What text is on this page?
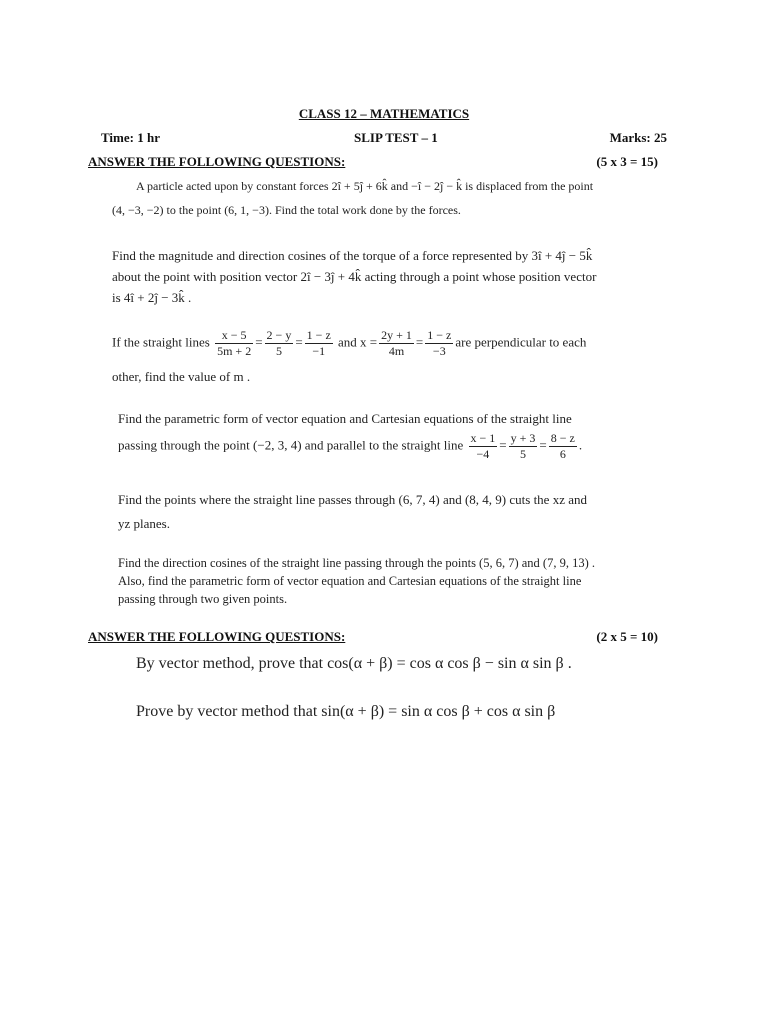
CLASS 12 – MATHEMATICS
Time: 1 hr	SLIP TEST – 1	Marks: 25
ANSWER THE FOLLOWING QUESTIONS:	(5 x 3 = 15)
A particle acted upon by constant forces 2î + 5ĵ + 6k̂ and −î − 2ĵ − k̂ is displaced from the point
(4, −3, −2) to the point (6, 1, −3). Find the total work done by the forces.
Find the magnitude and direction cosines of the torque of a force represented by 3î + 4ĵ − 5k̂
about the point with position vector 2î − 3ĵ + 4k̂ acting through a point whose position vector
is 4î + 2ĵ − 3k̂ .
If the straight lines $\frac{x - 5}{5m + 2} = \frac{2 - y}{5} = \frac{1 - z}{-1}$ and $x = \frac{2y + 1}{4m} = \frac{1 - z}{-3}$ are perpendicular to each
other, find the value of m .
Find the parametric form of vector equation and Cartesian equations of the straight line
passing through the point (−2, 3, 4) and parallel to the straight line $\frac{x - 1}{-4} = \frac{y + 3}{5} = \frac{8 - z}{6}$ .
Find the points where the straight line passes through (6, 7, 4) and (8, 4, 9) cuts the xz and
yz planes.
Find the direction cosines of the straight line passing through the points (5, 6, 7) and (7, 9, 13) .
Also, find the parametric form of vector equation and Cartesian equations of the straight line
passing through two given points.
ANSWER THE FOLLOWING QUESTIONS:	(2 x 5 = 10)
By vector method, prove that cos(α + β) = cos α cos β − sin α sin β .
Prove by vector method that sin(α + β) = sin α cos β + cos α sin β
